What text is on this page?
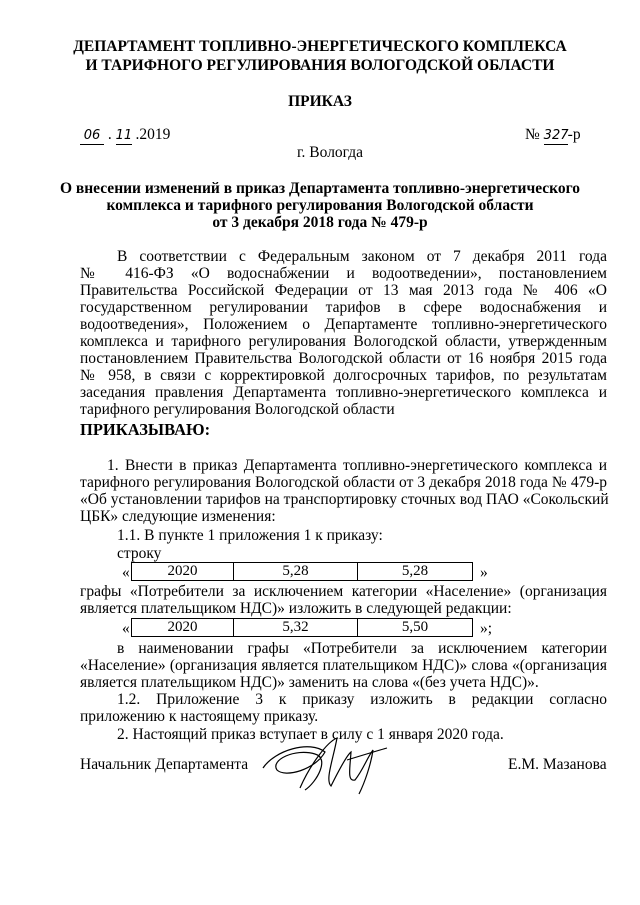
ДЕПАРТАМЕНТ ТОПЛИВНО-ЭНЕРГЕТИЧЕСКОГО КОМПЛЕКСА
И ТАРИФНОГО РЕГУЛИРОВАНИЯ ВОЛОГОДСКОЙ ОБЛАСТИ
ПРИКАЗ
06 . 11 .2019	№ 327-р
г. Вологда
О внесении изменений в приказ Департамента топливно-энергетического
комплекса и тарифного регулирования Вологодской области
от 3 декабря 2018 года № 479-р
В соответствии с Федеральным законом от 7 декабря 2011 года
№ 416-ФЗ «О водоснабжении и водоотведении», постановлением
Правительства Российской Федерации от 13 мая 2013 года № 406 «О
государственном регулировании тарифов в сфере водоснабжения и
водоотведения», Положением о Департаменте топливно-энергетического
комплекса и тарифного регулирования Вологодской области, утвержденным
постановлением Правительства Вологодской области от 16 ноября 2015 года
№ 958, в связи с корректировкой долгосрочных тарифов, по результатам
заседания правления Департамента топливно-энергетического комплекса и
тарифного регулирования Вологодской области
ПРИКАЗЫВАЮ:
1. Внести в приказ Департамента топливно-энергетического комплекса и
тарифного регулирования Вологодской области от 3 декабря 2018 года № 479-р
«Об установлении тарифов на транспортировку сточных вод ПАО «Сокольский
ЦБК» следующие изменения:
1.1. В пункте 1 приложения 1 к приказу:
строку
«	2020	5,28	5,28	»
графы «Потребители за исключением категории «Население» (организация
является плательщиком НДС)» изложить в следующей редакции:
«	2020	5,32	5,50	»;
в наименовании графы «Потребители за исключением категории
«Население» (организация является плательщиком НДС)» слова «(организация
является плательщиком НДС)» заменить на слова «(без учета НДС)».
1.2. Приложение 3 к приказу изложить в редакции согласно
приложению к настоящему приказу.
2. Настоящий приказ вступает в силу с 1 января 2020 года.
Начальник Департамента	Е.М. Мазанова
